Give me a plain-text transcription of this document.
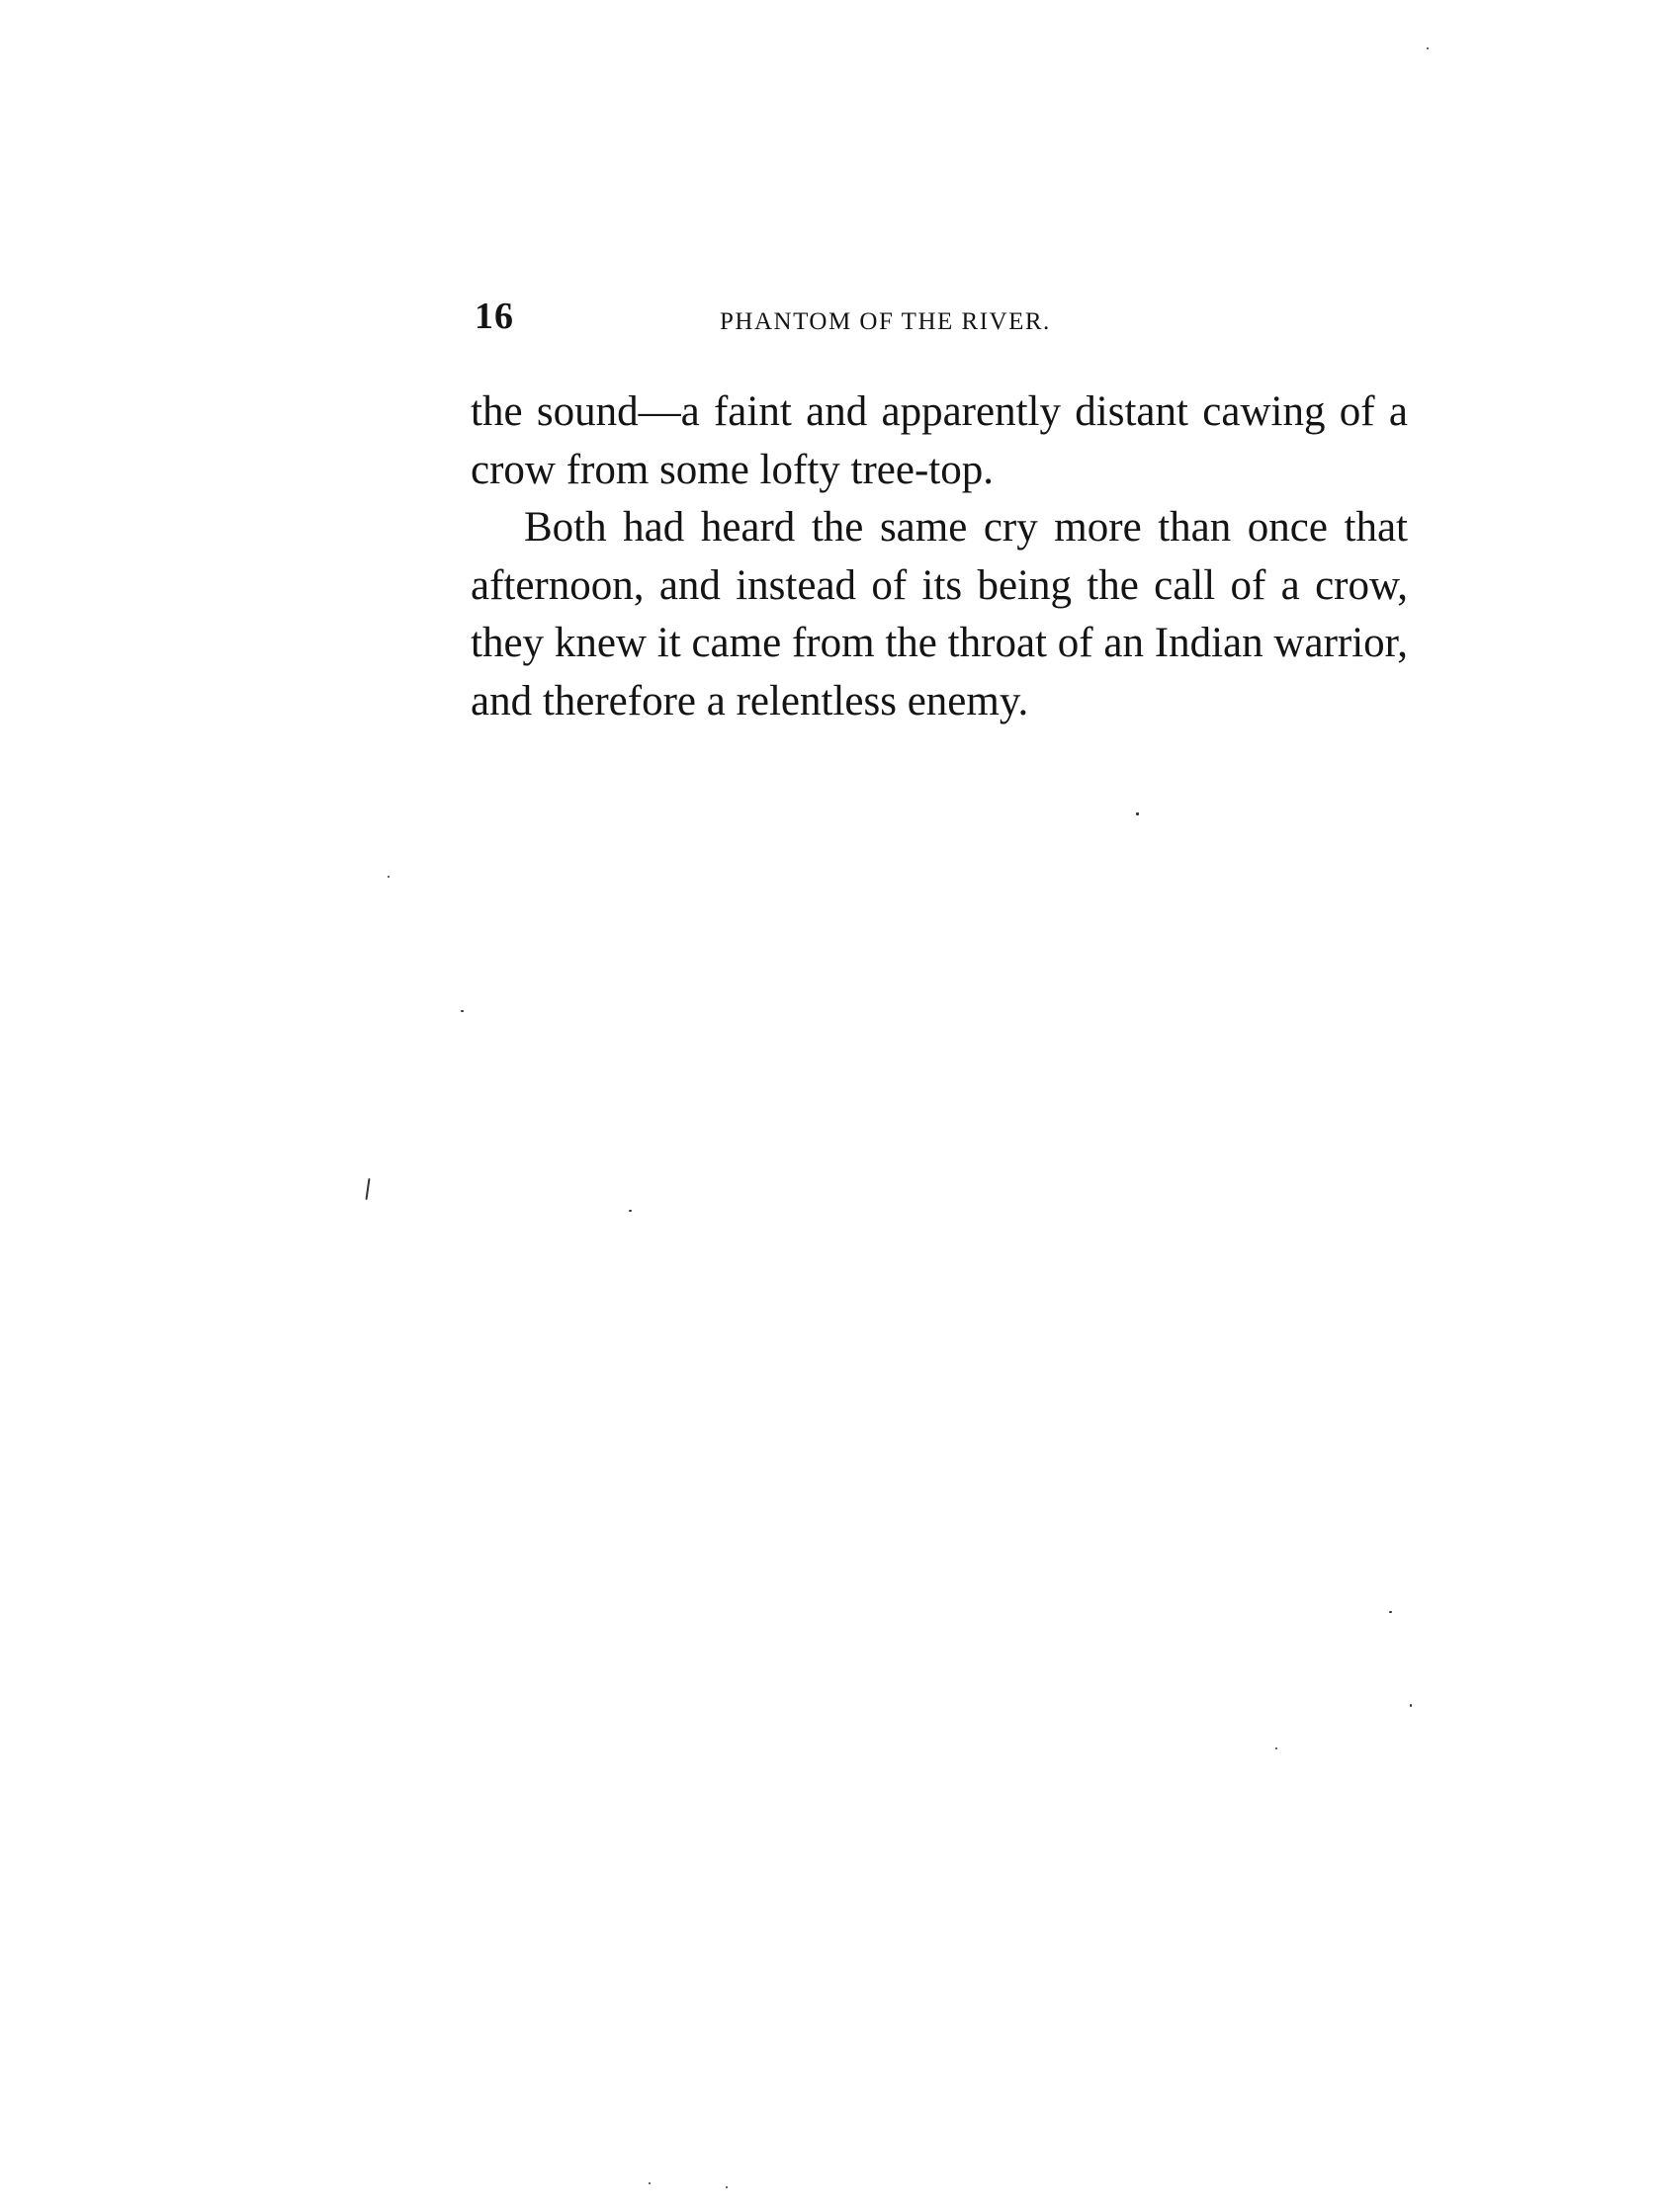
16	PHANTOM OF THE RIVER.

the sound—a faint and apparently distant cawing of a crow from some lofty tree-top.

Both had heard the same cry more than once that afternoon, and instead of its being the call of a crow, they knew it came from the throat of an Indian warrior, and therefore a relentless enemy.
